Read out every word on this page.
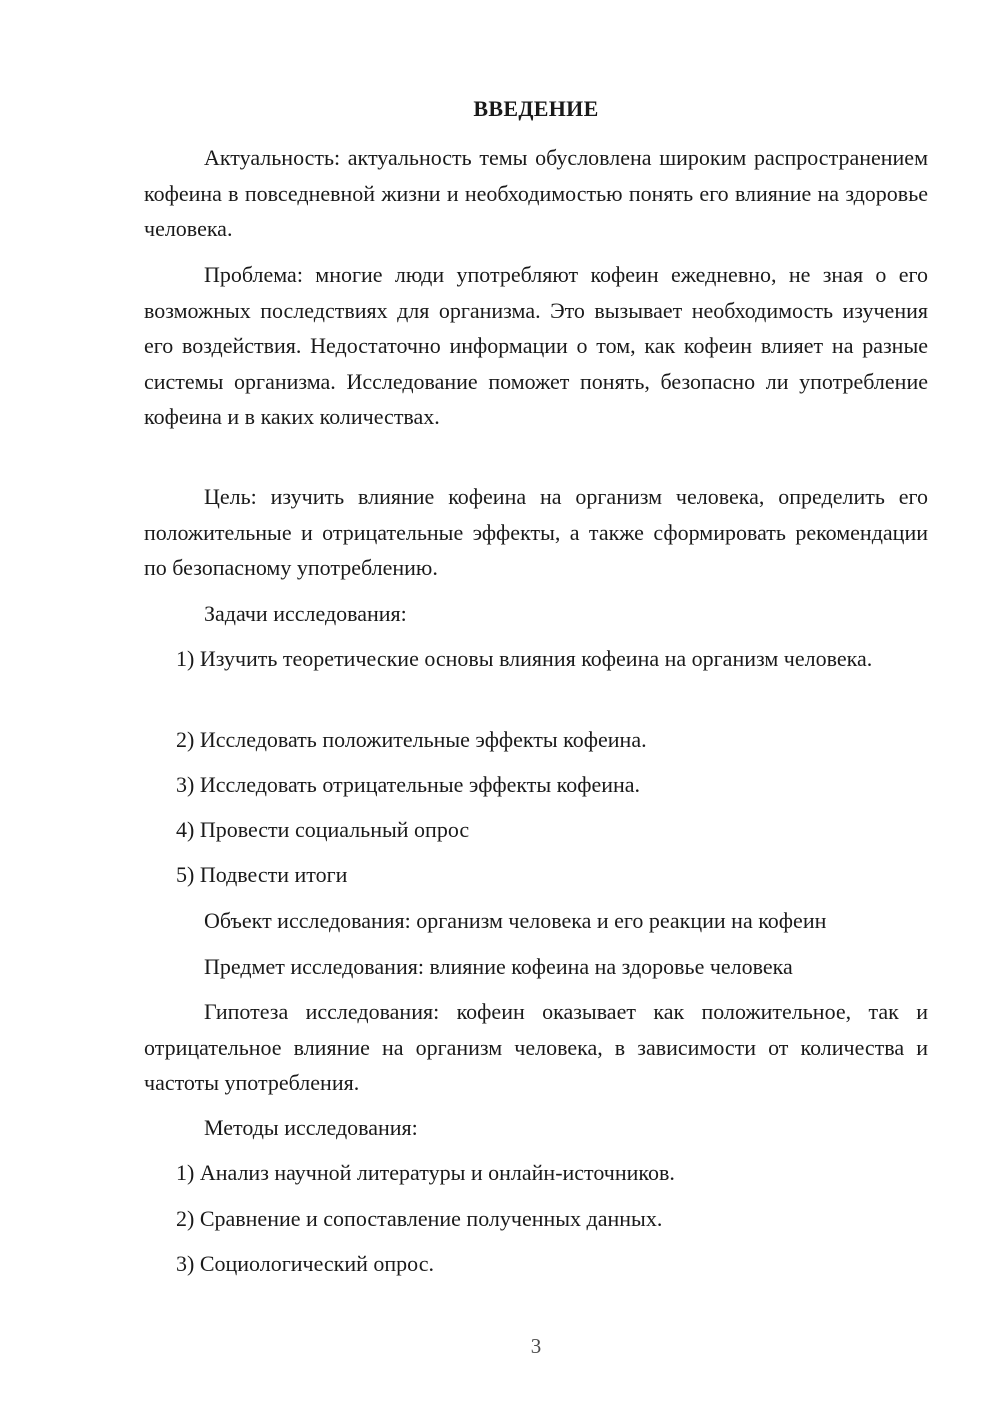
ВВЕДЕНИЕ

Актуальность: актуальность темы обусловлена широким распространением кофеина в повседневной жизни и необходимостью понять его влияние на здоровье человека.

Проблема: многие люди употребляют кофеин ежедневно, не зная о его возможных последствиях для организма. Это вызывает необходимость изучения его воздействия. Недостаточно информации о том, как кофеин влияет на разные системы организма. Исследование поможет понять, безопасно ли употребление кофеина и в каких количествах.

Цель: изучить влияние кофеина на организм человека, определить его положительные и отрицательные эффекты, а также сформировать рекомендации по безопасному употреблению.

Задачи исследования:

1) Изучить теоретические основы влияния кофеина на организм человека.

2) Исследовать положительные эффекты кофеина.

3) Исследовать отрицательные эффекты кофеина.

4) Провести социальный опрос

5) Подвести итоги

Объект исследования: организм человека и его реакции на кофеин

Предмет исследования: влияние кофеина на здоровье человека

Гипотеза исследования: кофеин оказывает как положительное, так и отрицательное влияние на организм человека, в зависимости от количества и частоты употребления.

Методы исследования:

1) Анализ научной литературы и онлайн-источников.

2) Сравнение и сопоставление полученных данных.

3) Социологический опрос.

3
